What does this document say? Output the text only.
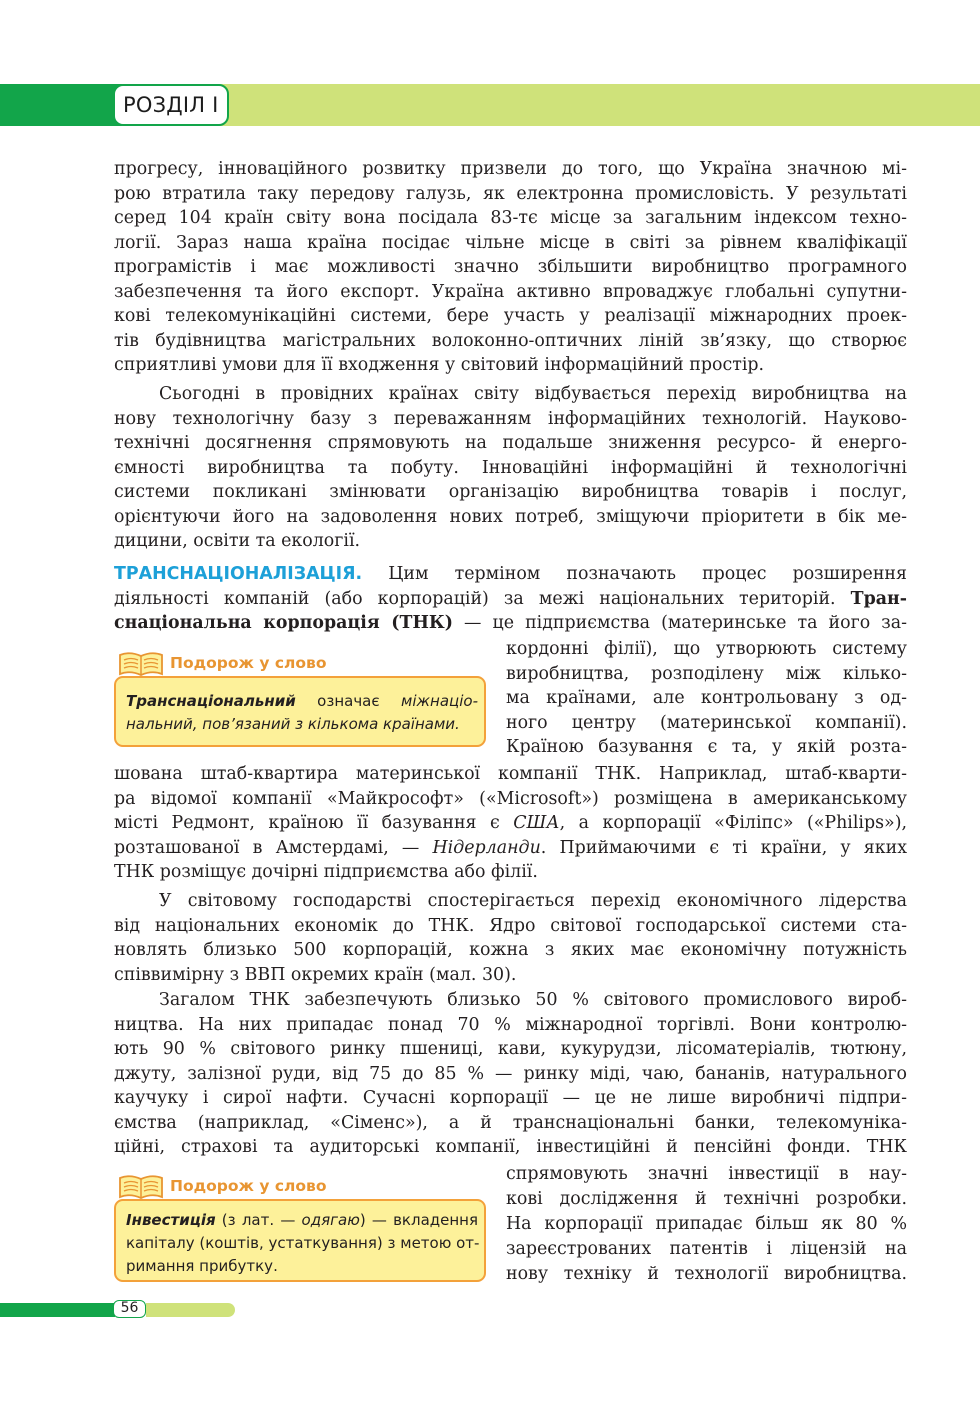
РОЗДІЛ I
прогресу, інноваційного розвитку призвели до того, що Україна значною мі-
рою втратила таку передову галузь, як електронна промисловість. У результаті
серед 104 країн світу вона посідала 83-тє місце за загальним індексом техно-
логії. Зараз наша країна посідає чільне місце в світі за рівнем кваліфікації
програмістів і має можливості значно збільшити виробництво програмного
забезпечення та його експорт. Україна активно впроваджує глобальні супутни-
кові телекомунікаційні системи, бере участь у реалізації міжнародних проек-
тів будівництва магістральних волоконно-оптичних ліній зв’язку, що створює
сприятливі умови для її входження у світовий інформаційний простір.
Сьогодні в провідних країнах світу відбувається перехід виробництва на
нову технологічну базу з переважанням інформаційних технологій. Науково-
технічні досягнення спрямовують на подальше зниження ресурсо- й енерго-
ємності виробництва та побуту. Інноваційні інформаційні й технологічні
системи покликані змінювати організацію виробництва товарів і послуг,
орієнтуючи його на задоволення нових потреб, зміщуючи пріоритети в бік ме-
дицини, освіти та екології.
ТРАНСНАЦІОНАЛІЗАЦІЯ. Цим терміном позначають процес розширення
діяльності компаній (або корпорацій) за межі національних територій. Тран-
снаціональна корпорація (ТНК) — це підприємства (материнське та його за-
кордонні філії), що утворюють систему
виробництва, розподілену між кілько-
ма країнами, але контрольовану з од-
ного центру (материнської компанії).
Країною базування є та, у якій розта-
шована штаб-квартира материнської компанії ТНК. Наприклад, штаб-кварти-
ра відомої компанії «Майкрософт» («Microsoft») розміщена в американському
місті Редмонт, країною її базування є США, а корпорації «Філіпс» («Philips»),
розташованої в Амстердамі, — Нідерланди. Приймаючими є ті країни, у яких
ТНК розміщує дочірні підприємства або філії.
Подорож у слово
Транснаціональний означає міжнаціо-
нальний, пов’язаний з кількома країнами.
У світовому господарстві спостерігається перехід економічного лідерства
від національних економік до ТНК. Ядро світової господарської системи ста-
новлять близько 500 корпорацій, кожна з яких має економічну потужність
співвимірну з ВВП окремих країн (мал. 30).
Загалом ТНК забезпечують близько 50 % світового промислового вироб-
ництва. На них припадає понад 70 % міжнародної торгівлі. Вони контролю-
ють 90 % світового ринку пшениці, кави, кукурудзи, лісоматеріалів, тютюну,
джуту, залізної руди, від 75 до 85 % — ринку міді, чаю, бананів, натурального
каучуку і сирої нафти. Сучасні корпорації — це не лише виробничі підпри-
ємства (наприклад, «Сіменс»), а й транснаціональні банки, телекомуніка-
ційні, страхові та аудиторські компанії, інвестиційні й пенсійні фонди. ТНК
спрямовують значні інвестиції в нау-
кові дослідження й технічні розробки.
На корпорації припадає більш як 80 %
зареєстрованих патентів і ліцензій на
нову техніку й технології виробництва.
Подорож у слово
Інвестиція (з лат. — одягаю) — вкладення
капіталу (коштів, устаткування) з метою от-
римання прибутку.
56
